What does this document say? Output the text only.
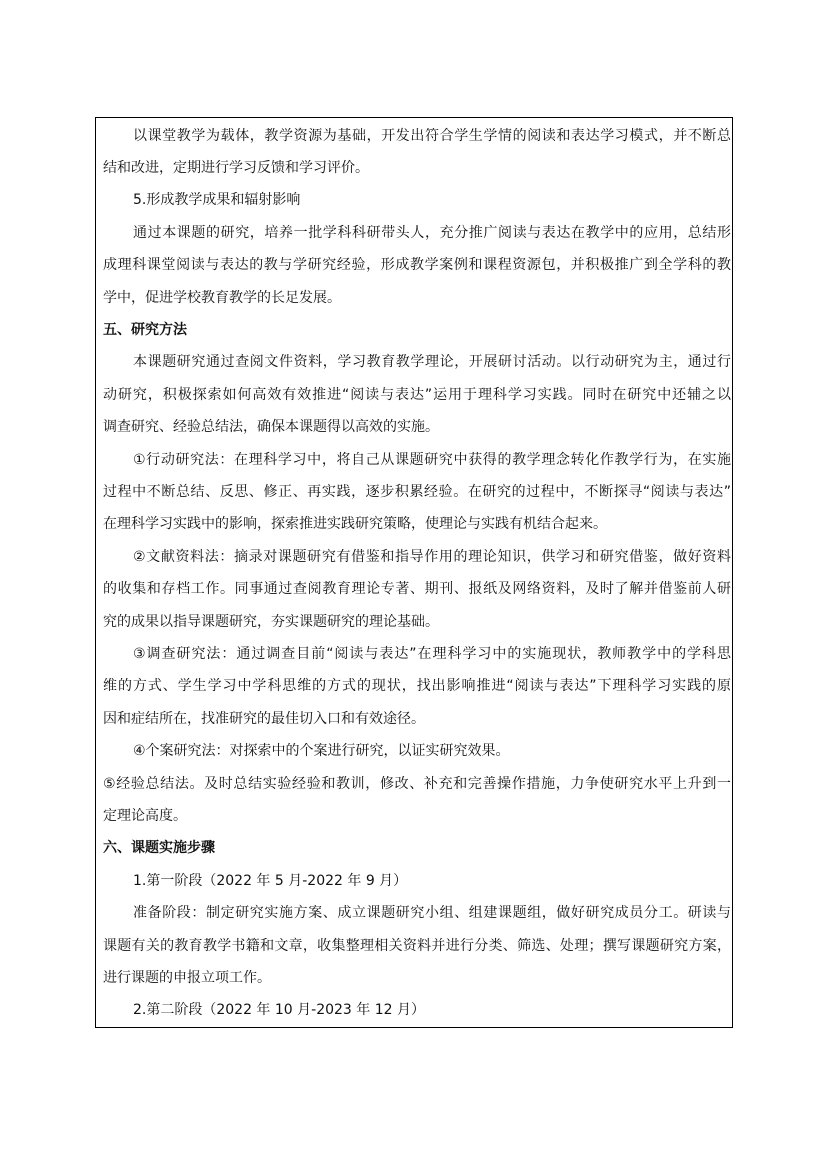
以课堂教学为载体，教学资源为基础，开发出符合学生学情的阅读和表达学习模式，并不断总
结和改进，定期进行学习反馈和学习评价。
5.形成教学成果和辐射影响
通过本课题的研究，培养一批学科科研带头人，充分推广阅读与表达在教学中的应用，总结形
成理科课堂阅读与表达的教与学研究经验，形成教学案例和课程资源包，并积极推广到全学科的教
学中，促进学校教育教学的长足发展。
五、研究方法
本课题研究通过查阅文件资料，学习教育教学理论，开展研讨活动。以行动研究为主，通过行
动研究，积极探索如何高效有效推进“阅读与表达”运用于理科学习实践。同时在研究中还辅之以
调查研究、经验总结法，确保本课题得以高效的实施。
①行动研究法：在理科学习中，将自己从课题研究中获得的教学理念转化作教学行为，在实施
过程中不断总结、反思、修正、再实践，逐步积累经验。在研究的过程中，不断探寻“阅读与表达”
在理科学习实践中的影响，探索推进实践研究策略，使理论与实践有机结合起来。
②文献资料法：摘录对课题研究有借鉴和指导作用的理论知识，供学习和研究借鉴，做好资料
的收集和存档工作。同事通过查阅教育理论专著、期刊、报纸及网络资料，及时了解并借鉴前人研
究的成果以指导课题研究，夯实课题研究的理论基础。
③调查研究法：通过调查目前“阅读与表达”在理科学习中的实施现状，教师教学中的学科思
维的方式、学生学习中学科思维的方式的现状，找出影响推进“阅读与表达”下理科学习实践的原
因和症结所在，找准研究的最佳切入口和有效途径。
④个案研究法：对探索中的个案进行研究，以证实研究效果。
⑤经验总结法。及时总结实验经验和教训，修改、补充和完善操作措施，力争使研究水平上升到一
定理论高度。
六、课题实施步骤
1.第一阶段（2022 年 5 月-2022 年 9 月）
准备阶段：制定研究实施方案、成立课题研究小组、组建课题组，做好研究成员分工。研读与
课题有关的教育教学书籍和文章，收集整理相关资料并进行分类、筛选、处理；撰写课题研究方案，
进行课题的申报立项工作。
2.第二阶段（2022 年 10 月-2023 年 12 月）
